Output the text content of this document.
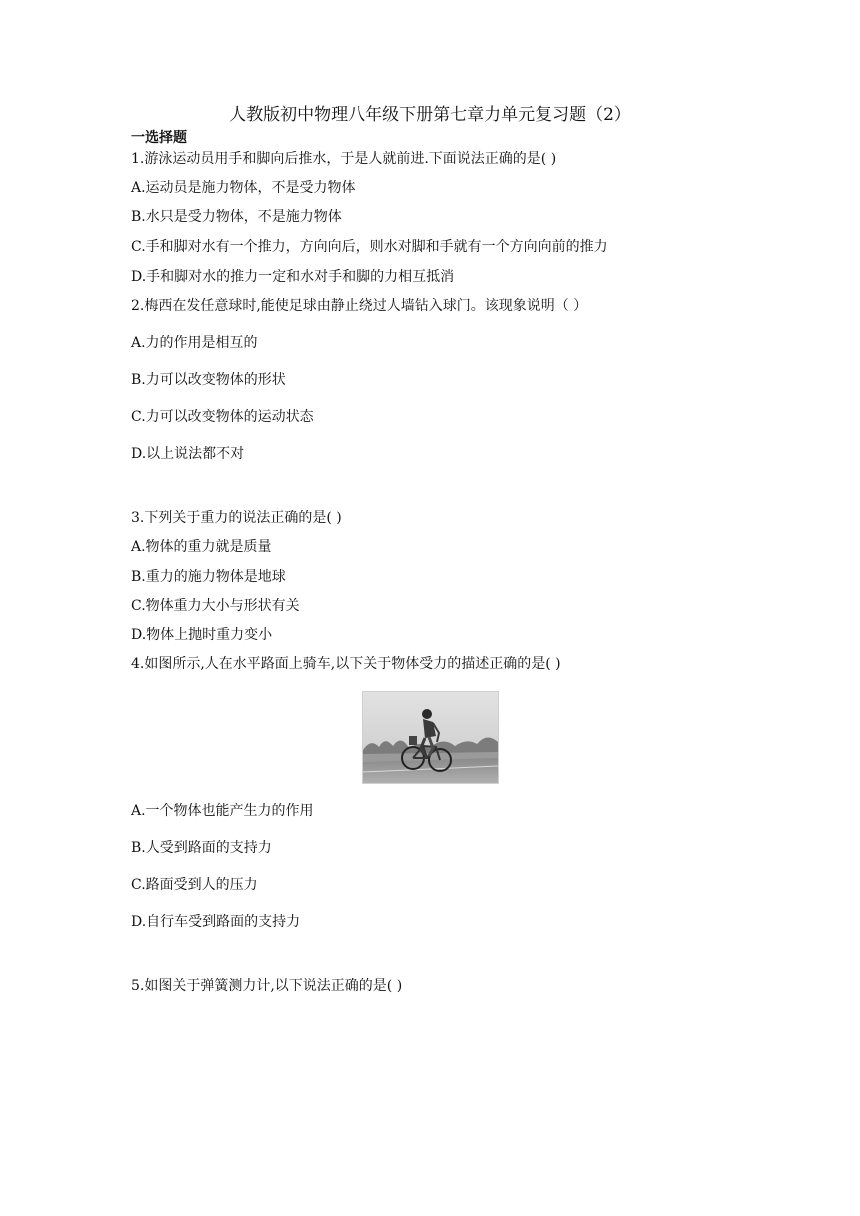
人教版初中物理八年级下册第七章力单元复习题（2）
一选择题
1.游泳运动员用手和脚向后推水，于是人就前进.下面说法正确的是( )
A.运动员是施力物体，不是受力物体
B.水只是受力物体，不是施力物体
C.手和脚对水有一个推力，方向向后，则水对脚和手就有一个方向向前的推力
D.手和脚对水的推力一定和水对手和脚的力相互抵消
2.梅西在发任意球时,能使足球由静止绕过人墙钻入球门。该现象说明（ ）
A.力的作用是相互的
B.力可以改变物体的形状
C.力可以改变物体的运动状态
D.以上说法都不对
3.下列关于重力的说法正确的是( )
A.物体的重力就是质量
B.重力的施力物体是地球
C.物体重力大小与形状有关
D.物体上抛时重力变小
4.如图所示,人在水平路面上骑车,以下关于物体受力的描述正确的是( )
A.一个物体也能产生力的作用
B.人受到路面的支持力
C.路面受到人的压力
D.自行车受到路面的支持力
5.如图关于弹簧测力计,以下说法正确的是( )
